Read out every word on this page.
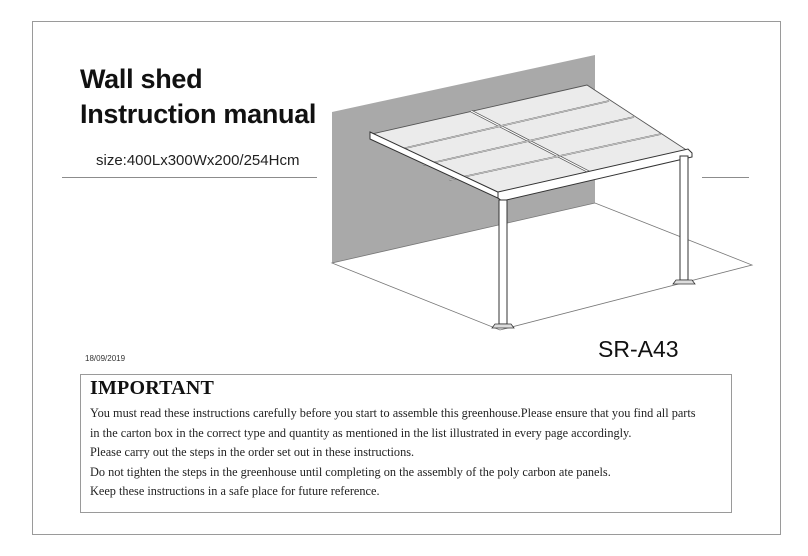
Wall shed
Instruction manual
size:400Lx300Wx200/254Hcm
18/09/2019	SR-A43
IMPORTANT
You must read these instructions carefully before you start to assemble this greenhouse.Please ensure that you find all parts
in the carton box in the correct type and quantity as mentioned in the list illustrated in every page accordingly.
Please carry out the steps in the order set out in these instructions.
Do not tighten the steps in the greenhouse until completing on the assembly of the poly carbon ate panels.
Keep these instructions in a safe place for future reference.
